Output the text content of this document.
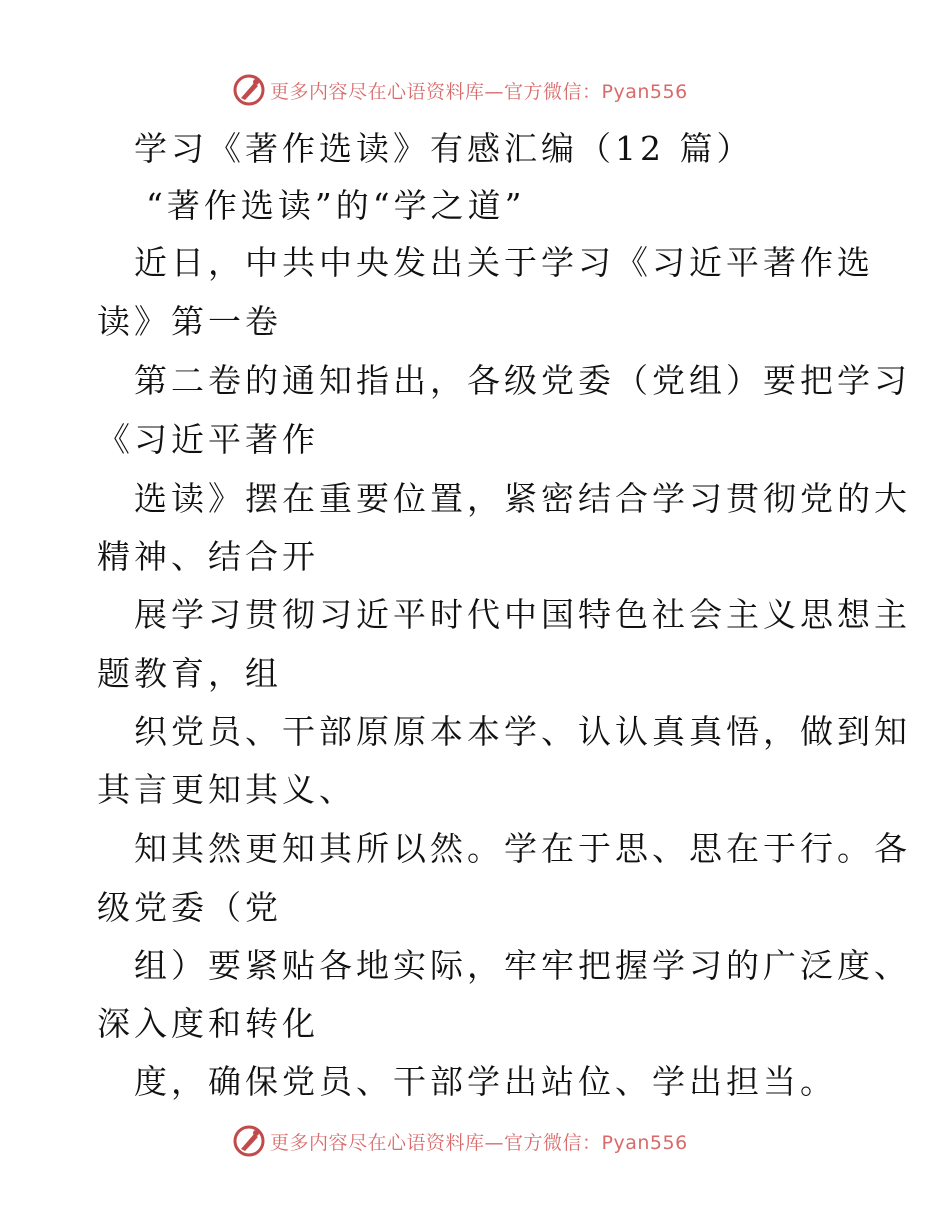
更多内容尽在心语资料库—官方微信：Pyan556
学习《著作选读》有感汇编（12 篇）
“著作选读”的“学之道”
近日，中共中央发出关于学习《习近平著作选
读》第一卷
第二卷的通知指出，各级党委（党组）要把学习
《习近平著作
选读》摆在重要位置，紧密结合学习贯彻党的大
精神、结合开
展学习贯彻习近平时代中国特色社会主义思想主
题教育，组
织党员、干部原原本本学、认认真真悟，做到知
其言更知其义、
知其然更知其所以然。学在于思、思在于行。各
级党委（党
组）要紧贴各地实际，牢牢把握学习的广泛度、
深入度和转化
度，确保党员、干部学出站位、学出担当。
更多内容尽在心语资料库—官方微信：Pyan556
